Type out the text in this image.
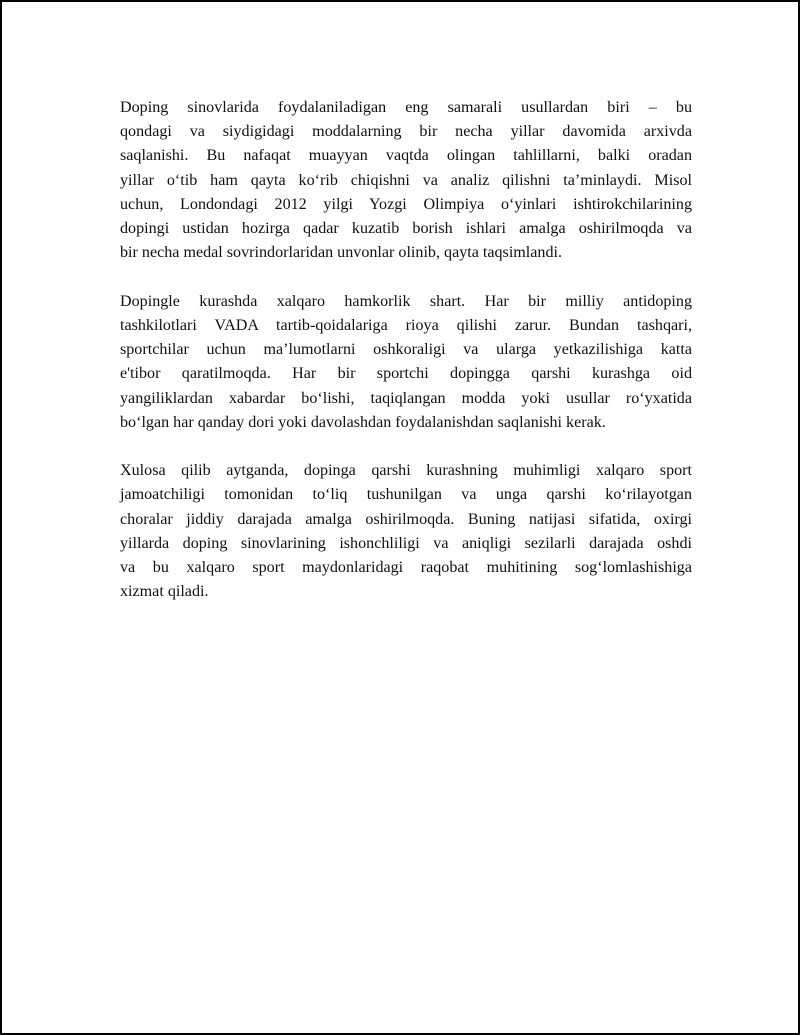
Doping sinovlarida foydalaniladigan eng samarali usullardan biri – bu
qondagi va siydigidagi moddalarning bir necha yillar davomida arxivda
saqlanishi. Bu nafaqat muayyan vaqtda olingan tahlillarni, balki oradan
yillar o‘tib ham qayta ko‘rib chiqishni va analiz qilishni ta’minlaydi. Misol
uchun, Londondagi 2012 yilgi Yozgi Olimpiya o‘yinlari ishtirokchilarining
dopingi ustidan hozirga qadar kuzatib borish ishlari amalga oshirilmoqda va
bir necha medal sovrindorlaridan unvonlar olinib, qayta taqsimlandi.

Dopingle kurashda xalqaro hamkorlik shart. Har bir milliy antidoping
tashkilotlari VADA tartib-qoidalariga rioya qilishi zarur. Bundan tashqari,
sportchilar uchun ma’lumotlarni oshkoraligi va ularga yetkazilishiga katta
e'tibor qaratilmoqda. Har bir sportchi dopingga qarshi kurashga oid
yangiliklardan xabardar bo‘lishi, taqiqlangan modda yoki usullar ro‘yxatida
bo‘lgan har qanday dori yoki davolashdan foydalanishdan saqlanishi kerak.

Xulosa qilib aytganda, dopinga qarshi kurashning muhimligi xalqaro sport
jamoatchiligi tomonidan to‘liq tushunilgan va unga qarshi ko‘rilayotgan
choralar jiddiy darajada amalga oshirilmoqda. Buning natijasi sifatida, oxirgi
yillarda doping sinovlarining ishonchliligi va aniqligi sezilarli darajada oshdi
va bu xalqaro sport maydonlaridagi raqobat muhitining sog‘lomlashishiga
xizmat qiladi.
